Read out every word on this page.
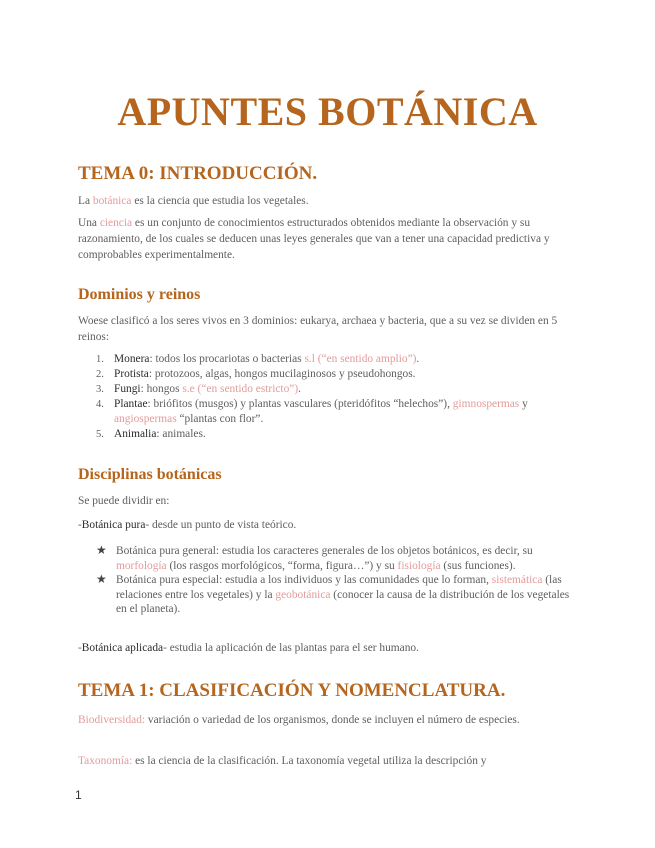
APUNTES BOTÁNICA
TEMA 0: INTRODUCCIÓN.

La botánica es la ciencia que estudia los vegetales.

Una ciencia es un conjunto de conocimientos estructurados obtenidos mediante la observación y su razonamiento, de los cuales se deducen unas leyes generales que van a tener una capacidad predictiva y comprobables experimentalmente.

Dominios y reinos

Woese clasificó a los seres vivos en 3 dominios: eukarya, archaea y bacteria, que a su vez se dividen en 5 reinos:

1. Monera: todos los procariotas o bacterias s.l (“en sentido amplio”).
2. Protista: protozoos, algas, hongos mucilaginosos y pseudohongos.
3. Fungi: hongos s.e (“en sentido estricto”).
4. Plantae: briófitos (musgos) y plantas vasculares (pteridófitos “helechos”), gimnospermas y angiospermas “plantas con flor”.
5. Animalia: animales.
Disciplinas botánicas

Se puede dividir en:

-Botánica pura- desde un punto de vista teórico.

★ Botánica pura general: estudia los caracteres generales de los objetos botánicos, es decir, su morfología (los rasgos morfológicos, “forma, figura…”) y su fisiología (sus funciones).
★ Botánica pura especial: estudia a los individuos y las comunidades que lo forman, sistemática (las relaciones entre los vegetales) y la geobotánica (conocer la causa de la distribución de los vegetales en el planeta).

-Botánica aplicada- estudia la aplicación de las plantas para el ser humano.

TEMA 1: CLASIFICACIÓN Y NOMENCLATURA.

Biodiversidad: variación o variedad de los organismos, donde se incluyen el número de especies.

Taxonomía: es la ciencia de la clasificación. La taxonomía vegetal utiliza la descripción y

1
